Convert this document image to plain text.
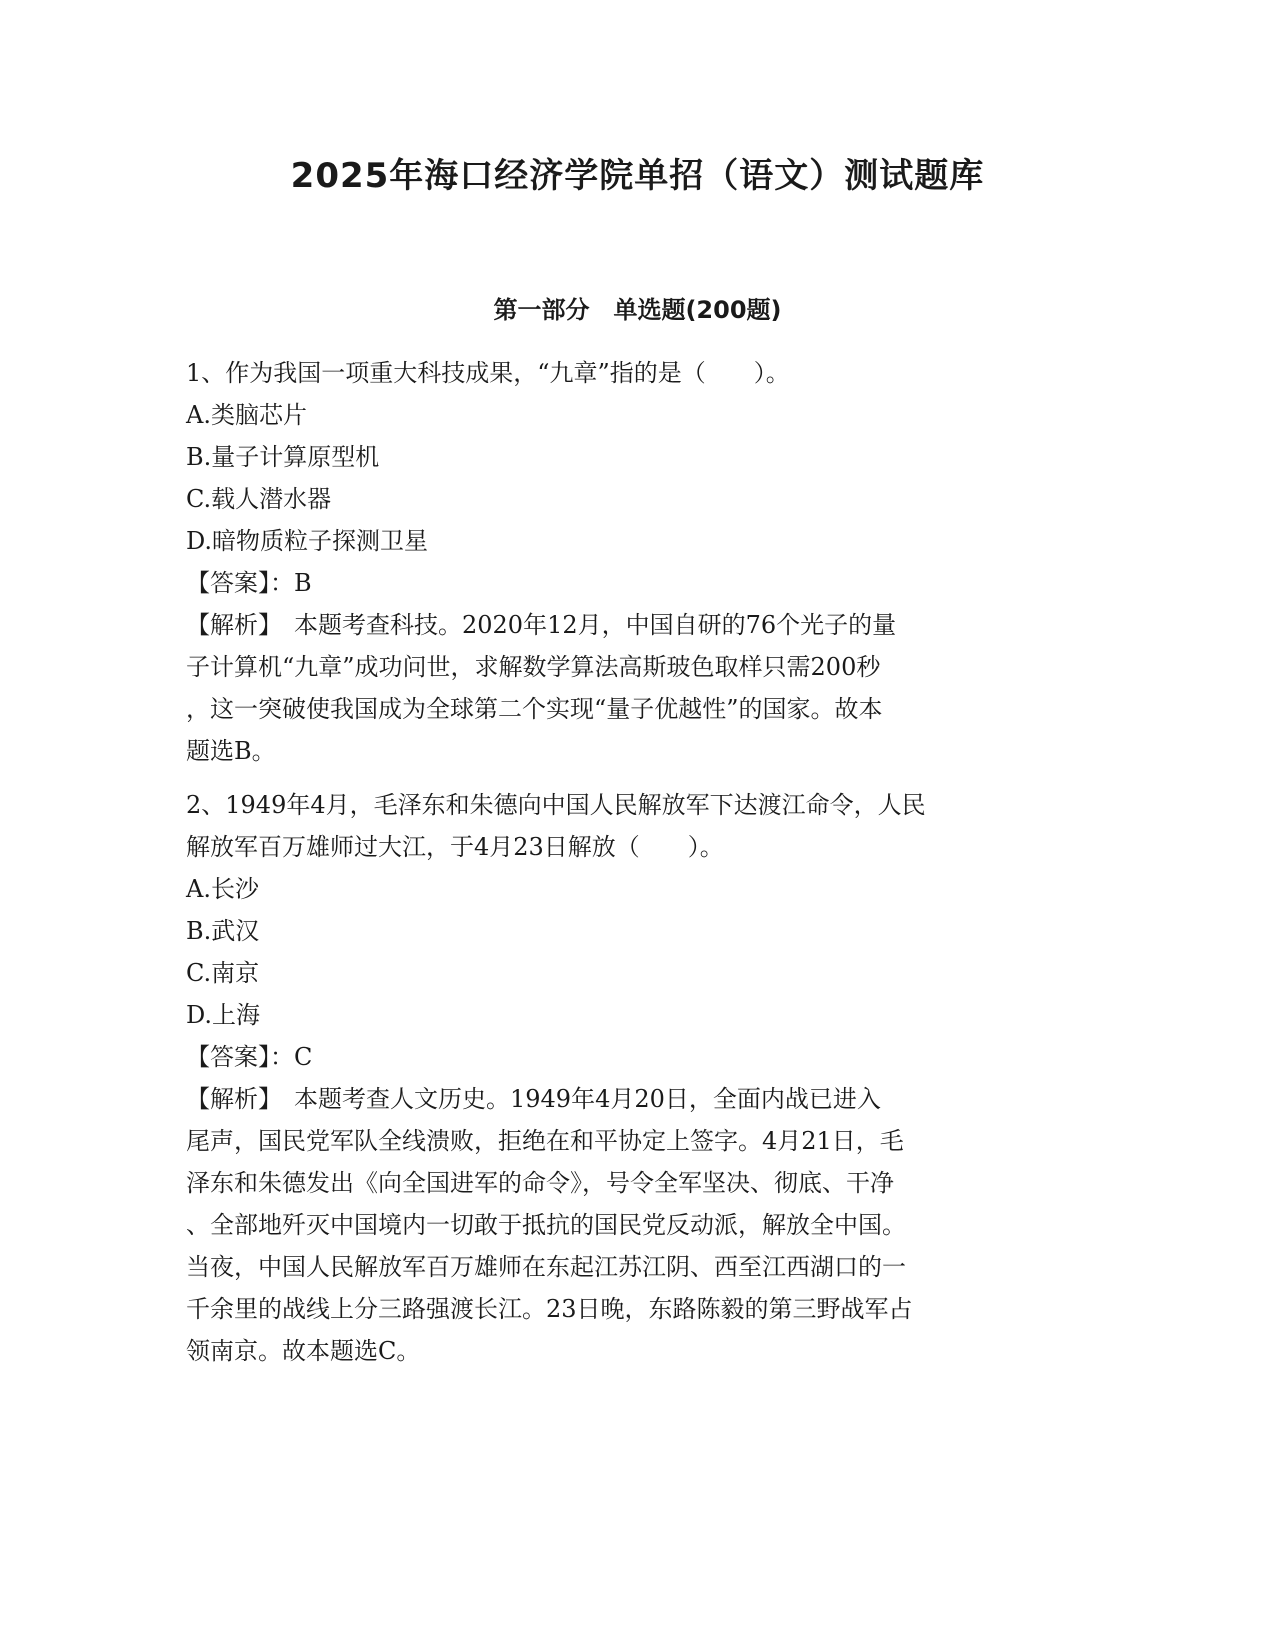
2025年海口经济学院单招（语文）测试题库
第一部分　单选题(200题)

1、作为我国一项重大科技成果，“九章”指的是（　　）。

A.类脑芯片

B.量子计算原型机

C.载人潜水器

D.暗物质粒子探测卫星

【答案】：B

【解析】　本题考查科技。2020年12月，中国自研的76个光子的量

子计算机“九章”成功问世，求解数学算法高斯玻色取样只需200秒

，这一突破使我国成为全球第二个实现“量子优越性”的国家。故本

题选B。

2、1949年4月，毛泽东和朱德向中国人民解放军下达渡江命令，人民

解放军百万雄师过大江，于4月23日解放（　　）。

A.长沙

B.武汉

C.南京

D.上海

【答案】：C

【解析】　本题考查人文历史。1949年4月20日，全面内战已进入

尾声，国民党军队全线溃败，拒绝在和平协定上签字。4月21日，毛

泽东和朱德发出《向全国进军的命令》，号令全军坚决、彻底、干净

、全部地歼灭中国境内一切敢于抵抗的国民党反动派，解放全中国。

当夜，中国人民解放军百万雄师在东起江苏江阴、西至江西湖口的一

千余里的战线上分三路强渡长江。23日晚，东路陈毅的第三野战军占

领南京。故本题选C。
